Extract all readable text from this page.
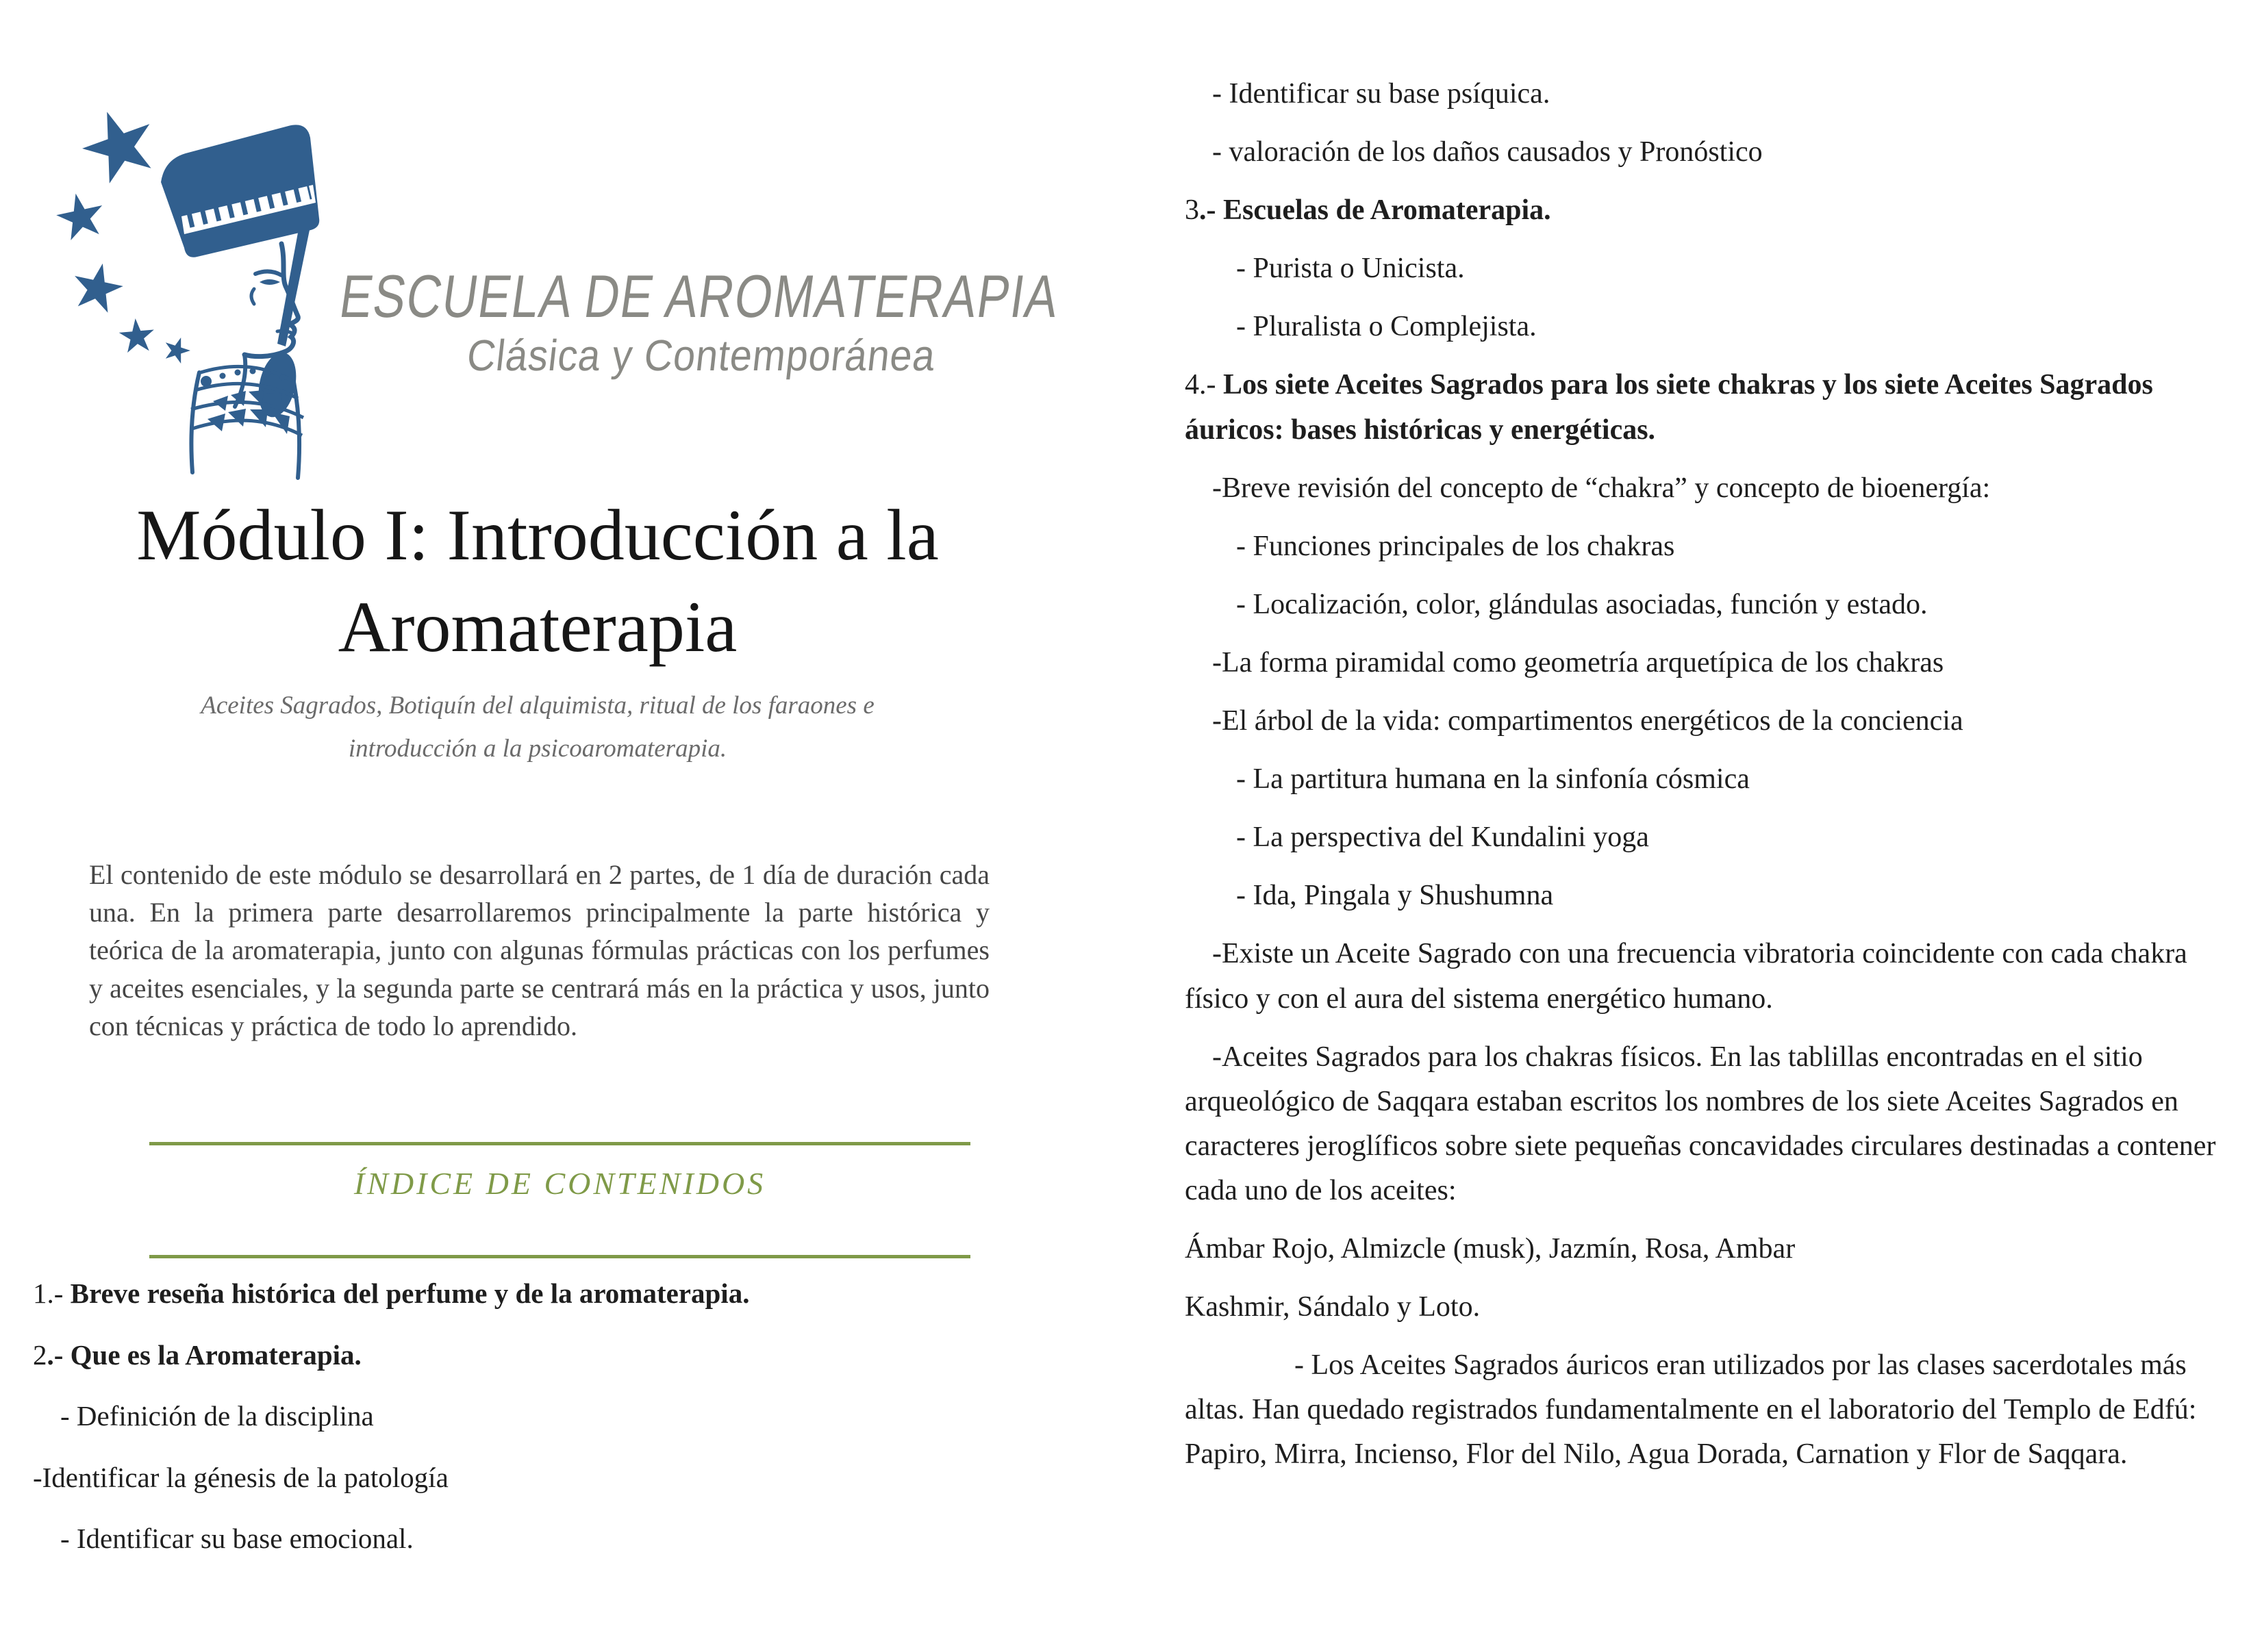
ESCUELA DE AROMATERAPIA
Clásica y Contemporánea
Módulo I: Introducción a la
Aromaterapia
Aceites Sagrados, Botiquín del alquimista, ritual de los faraones e introducción a la psicoaromaterapia.
El contenido de este módulo se desarrollará en 2 partes, de 1 día de duración cada una. En la primera parte desarrollaremos principalmente la parte histórica y teórica de la aromaterapia, junto con algunas fórmulas prácticas con los perfumes y aceites esenciales, y la segunda parte se centrará más en la práctica y usos, junto con técnicas y práctica de todo lo aprendido.
ÍNDICE DE CONTENIDOS

1.- Breve reseña histórica del perfume y de la aromaterapia.

2.- Que es la Aromaterapia.

- Definición de la disciplina

-Identificar la génesis de la patología

- Identificar su base emocional.

- Identificar su base psíquica.

- valoración de los daños causados y Pronóstico

3.- Escuelas de Aromaterapia.

- Purista o Unicista.

- Pluralista o Complejista.

4.- Los siete Aceites Sagrados para los siete chakras y los siete Aceites Sagrados áuricos: bases históricas y energéticas.

-Breve revisión del concepto de “chakra” y concepto de bioenergía:

- Funciones principales de los chakras

- Localización, color, glándulas asociadas, función y estado.

-La forma piramidal como geometría arquetípica de los chakras

-El árbol de la vida: compartimentos energéticos de la conciencia

- La partitura humana en la sinfonía cósmica

- La perspectiva del Kundalini yoga

- Ida, Pingala y Shushumna

-Existe un Aceite Sagrado con una frecuencia vibratoria coincidente con cada chakra físico y con el aura del sistema energético humano.

-Aceites Sagrados para los chakras físicos. En las tablillas encontradas en el sitio arqueológico de Saqqara estaban escritos los nombres de los siete Aceites Sagrados en caracteres jeroglíficos sobre siete pequeñas concavidades circulares destinadas a contener cada uno de los aceites:

Ámbar Rojo, Almizcle (musk), Jazmín, Rosa, Ambar

Kashmir, Sándalo y Loto.

- Los Aceites Sagrados áuricos eran utilizados por las clases sacerdotales más altas. Han quedado registrados fundamentalmente en el laboratorio del Templo de Edfú: Papiro, Mirra, Incienso, Flor del Nilo, Agua Dorada, Carnation y Flor de Saqqara.
